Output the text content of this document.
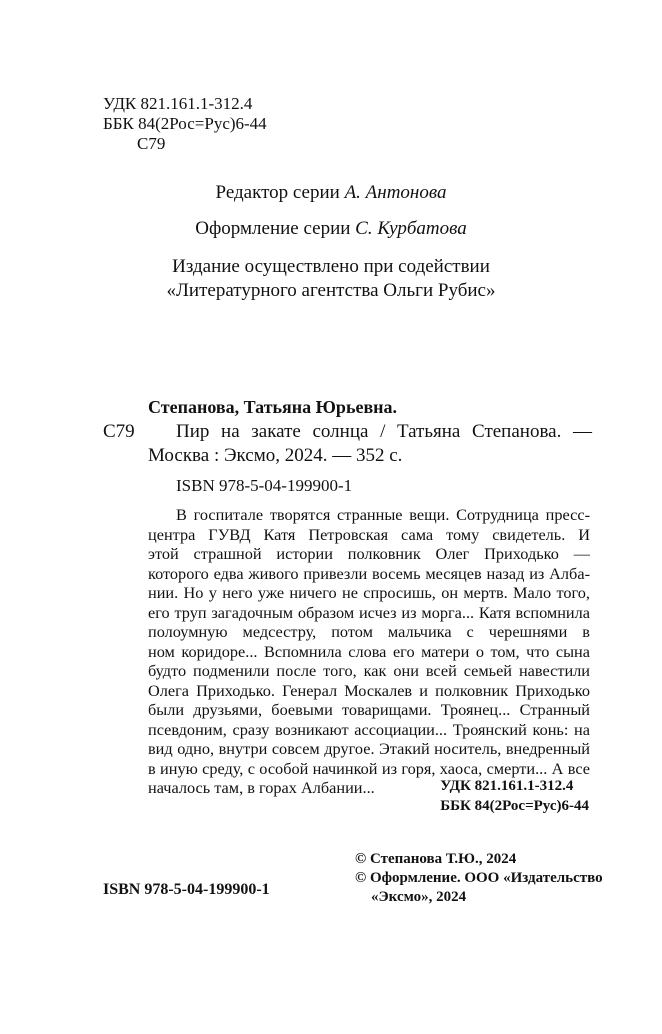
УДК 821.161.1-312.4
ББК 84(2Рос=Рус)6-44
С79
Редактор серии А. Антонова
Оформление серии С. Курбатова
Издание осуществлено при содействии
«Литературного агентства Ольги Рубис»
Степанова, Татьяна Юрьевна.
С79 Пир на закате солнца / Татьяна Степанова. —
Москва : Эксмо, 2024. — 352 с.
ISBN 978-5-04-199900-1
В госпитале творятся странные вещи. Сотрудница пресс-
центра ГУВД Катя Петровская сама тому свидетель. И
этой страшной истории полковник Олег Приходько —
которого едва живого привезли восемь месяцев назад из Алба-
нии. Но у него уже ничего не спросишь, он мертв. Мало того,
его труп загадочным образом исчез из морга... Катя вспомнила
полоумную медсестру, потом мальчика с черешнями в
ном коридоре... Вспомнила слова его матери о том, что сына
будто подменили после того, как они всей семьей навестили
Олега Приходько. Генерал Москалев и полковник Приходько
были друзьями, боевыми товарищами. Троянец... Странный
псевдоним, сразу возникают ассоциации... Троянский конь: на
вид одно, внутри совсем другое. Этакий носитель, внедренный
в иную среду, с особой начинкой из горя, хаоса, смерти... А все
началось там, в горах Албании...	УДК 821.161.1-312.4
ББК 84(2Рос=Рус)6-44
© Степанова Т.Ю., 2024
© Оформление. ООО «Издательство
«Эксмо», 2024
ISBN 978-5-04-199900-1
